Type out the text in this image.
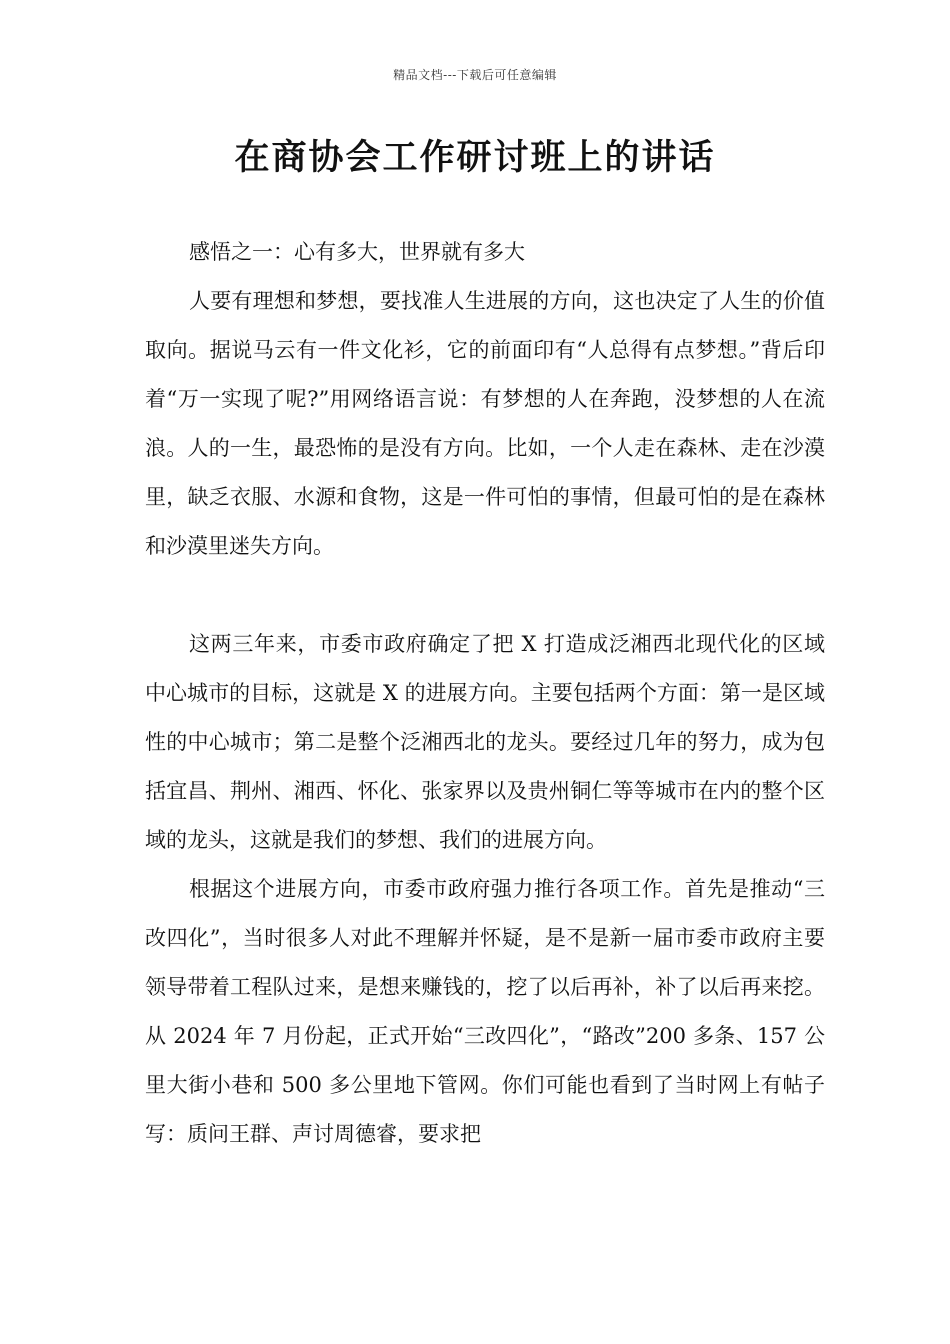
精品文档---下载后可任意编辑
在商协会工作研讨班上的讲话

感悟之一：心有多大，世界就有多大

人要有理想和梦想，要找准人生进展的方向，这也决定了人生的价值取向。据说马云有一件文化衫，它的前面印有“人总得有点梦想。”背后印着“万一实现了呢?”用网络语言说：有梦想的人在奔跑，没梦想的人在流浪。人的一生，最恐怖的是没有方向。比如，一个人走在森林、走在沙漠里，缺乏衣服、水源和食物，这是一件可怕的事情，但最可怕的是在森林和沙漠里迷失方向。

这两三年来，市委市政府确定了把 X 打造成泛湘西北现代化的区域中心城市的目标，这就是 X 的进展方向。主要包括两个方面：第一是区域性的中心城市；第二是整个泛湘西北的龙头。要经过几年的努力，成为包括宜昌、荆州、湘西、怀化、张家界以及贵州铜仁等等城市在内的整个区域的龙头，这就是我们的梦想、我们的进展方向。

根据这个进展方向，市委市政府强力推行各项工作。首先是推动“三改四化”，当时很多人对此不理解并怀疑，是不是新一届市委市政府主要领导带着工程队过来，是想来赚钱的，挖了以后再补，补了以后再来挖。从 2024 年 7 月份起，正式开始“三改四化”，“路改”200 多条、157 公里大街小巷和 500 多公里地下管网。你们可能也看到了当时网上有帖子写：质问王群、声讨周德睿，要求把
